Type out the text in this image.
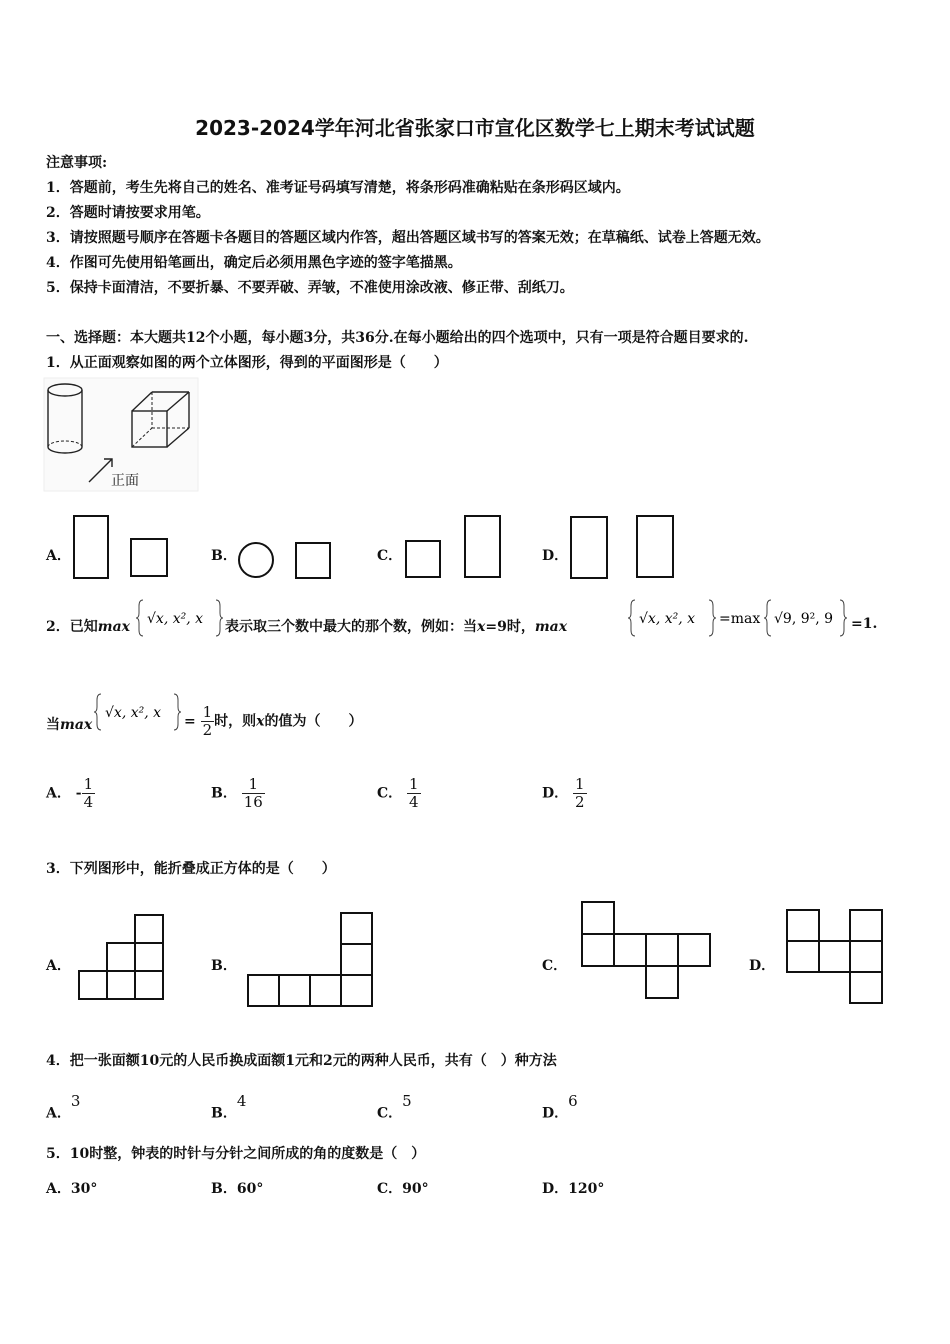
2023-2024学年河北省张家口市宣化区数学七上期末考试试题
注意事项:
1．答题前，考生先将自己的姓名、准考证号码填写清楚，将条形码准确粘贴在条形码区域内。
2．答题时请按要求用笔。
3．请按照题号顺序在答题卡各题目的答题区域内作答，超出答题区域书写的答案无效；在草稿纸、试卷上答题无效。
4．作图可先使用铅笔画出，确定后必须用黑色字迹的签字笔描黑。
5．保持卡面清洁，不要折暴、不要弄破、弄皱，不准使用涂改液、修正带、刮纸刀。
一、选择题：本大题共12个小题，每小题3分，共36分.在每小题给出的四个选项中，只有一项是符合题目要求的.
1．从正面观察如图的两个立体图形，得到的平面图形是（　　）
正面
A．	B．	C．	D．
2．已知max √x, x², x 表示取三个数中最大的那个数，例如：当x=9时，max	√x, x², x =max √9, 9², 9 =1.
当max
√x, x², x
= $\frac{1}{2}$ 时，则x的值为（　　）
A． - $\frac{1}{4}$	B． $\frac{1}{16}$	C． $\frac{1}{4}$	D． $\frac{1}{2}$
3．下列图形中，能折叠成正方体的是（　　）
A．	B．	C．	D．
4．把一张面额10元的人民币换成面额1元和2元的两种人民币，共有（　）种方法
A．$^3$
B．$^4$
C．$^5$
D．$^6$
5．10时整，钟表的时针与分针之间所成的角的度数是（　）
A．30°	B．60°	C．90°	D．120°
